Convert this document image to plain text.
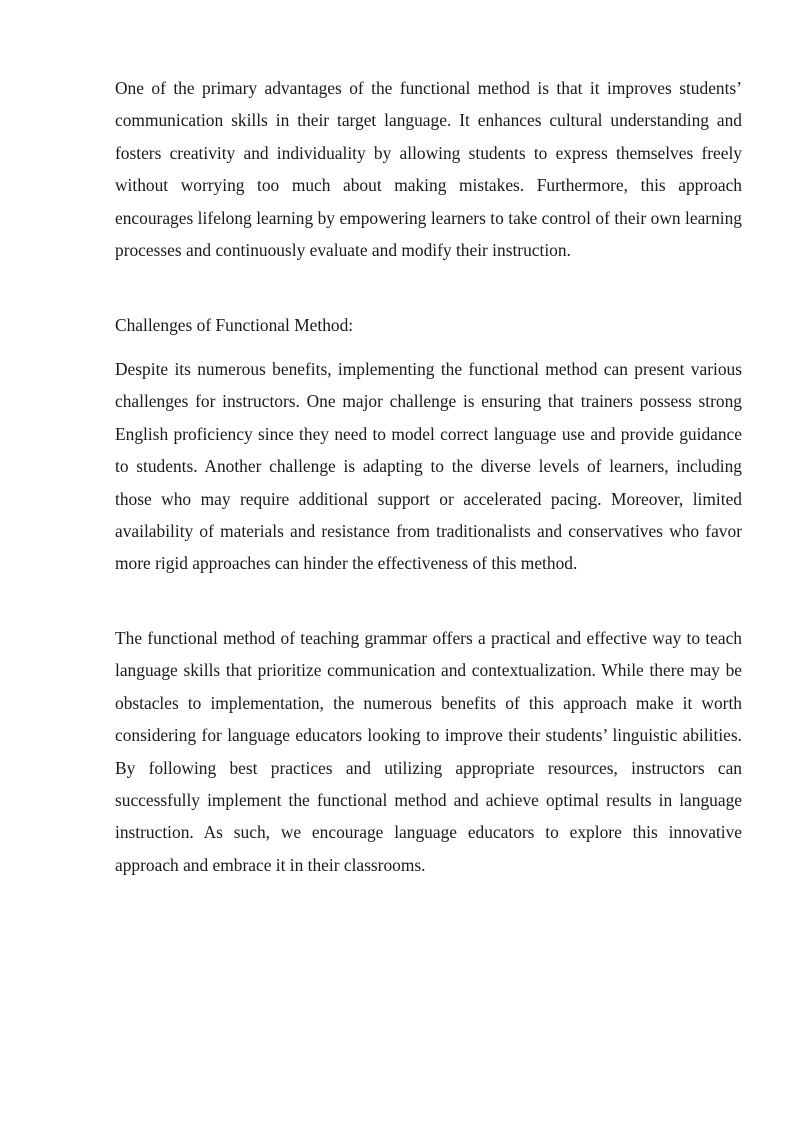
One of the primary advantages of the functional method is that it improves students’ communication skills in their target language. It enhances cultural understanding and fosters creativity and individuality by allowing students to express themselves freely without worrying too much about making mistakes. Furthermore, this approach encourages lifelong learning by empowering learners to take control of their own learning processes and continuously evaluate and modify their instruction.

Challenges of Functional Method:

Despite its numerous benefits, implementing the functional method can present various challenges for instructors. One major challenge is ensuring that trainers possess strong English proficiency since they need to model correct language use and provide guidance to students. Another challenge is adapting to the diverse levels of learners, including those who may require additional support or accelerated pacing. Moreover, limited availability of materials and resistance from traditionalists and conservatives who favor more rigid approaches can hinder the effectiveness of this method.

The functional method of teaching grammar offers a practical and effective way to teach language skills that prioritize communication and contextualization. While there may be obstacles to implementation, the numerous benefits of this approach make it worth considering for language educators looking to improve their students’ linguistic abilities. By following best practices and utilizing appropriate resources, instructors can successfully implement the functional method and achieve optimal results in language instruction. As such, we encourage language educators to explore this innovative approach and embrace it in their classrooms.
